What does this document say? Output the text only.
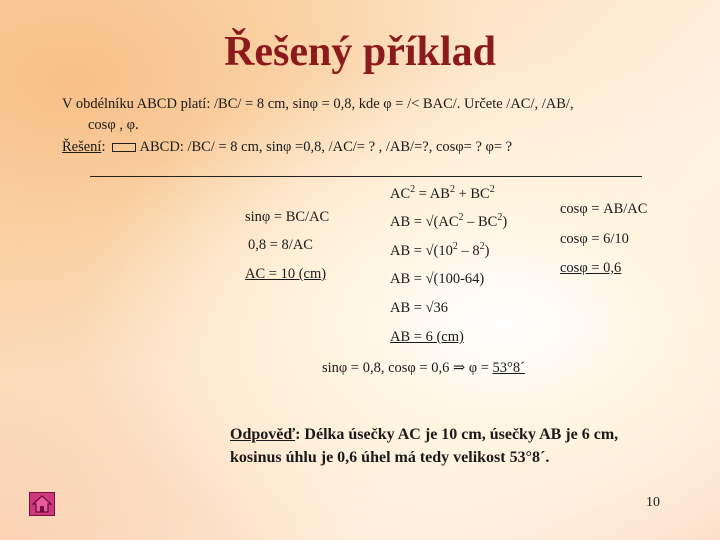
Řešený příklad
V obdélníku ABCD platí: /BC/ = 8 cm, sinφ = 0,8, kde φ = /< BAC/. Určete /AC/, /AB/,
cosφ , φ.
Řešení: ABCD: /BC/ = 8 cm, sinφ =0,8, /AC/= ? , /AB/=?, cosφ= ? φ= ?
sinφ = BC/AC
0,8 = 8/AC
AC = 10 (cm)
$AC^2 = AB^2 + BC^2$
AB = $√(AC^2 - BC^2)$
AB = $√(10^2 - 8^2)$
AB = √(100-64)
AB = √36
AB = 6 (cm)
cosφ = AB/AC
cosφ = 6/10
cosφ = 0,6
sinφ = 0,8, cosφ = 0,6 ⇒ φ = 53°8´
Odpověď: Délka úsečky AC je 10 cm, úsečky AB je 6 cm,
kosinus úhlu je 0,6 úhel má tedy velikost 53°8´.
10
